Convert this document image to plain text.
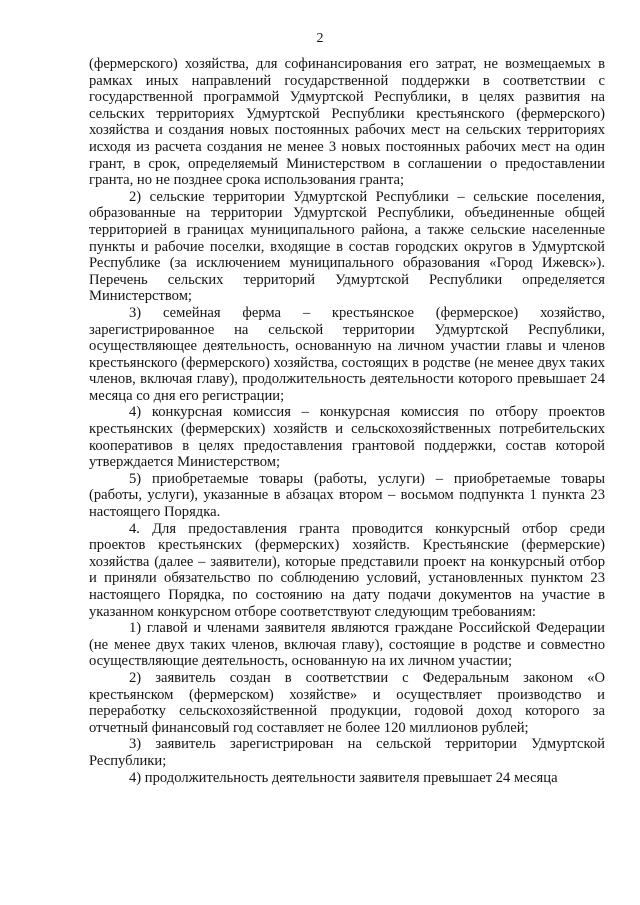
2

(фермерского) хозяйства, для софинансирования его затрат, не возмещаемых в рамках иных направлений государственной поддержки в соответствии с государственной программой Удмуртской Республики, в целях развития на сельских территориях Удмуртской Республики крестьянского (фермерского) хозяйства и создания новых постоянных рабочих мест на сельских территориях исходя из расчета создания не менее 3 новых постоянных рабочих мест на один грант, в срок, определяемый Министерством в соглашении о предоставлении гранта, но не позднее срока использования гранта;

2) сельские территории Удмуртской Республики – сельские поселения, образованные на территории Удмуртской Республики, объединенные общей территорией в границах муниципального района, а также сельские населенные пункты и рабочие поселки, входящие в состав городских округов в Удмуртской Республике (за исключением муниципального образования «Город Ижевск»). Перечень сельских территорий Удмуртской Республики определяется Министерством;

3) семейная ферма – крестьянское (фермерское) хозяйство, зарегистрированное на сельской территории Удмуртской Республики, осуществляющее деятельность, основанную на личном участии главы и членов крестьянского (фермерского) хозяйства, состоящих в родстве (не менее двух таких членов, включая главу), продолжительность деятельности которого превышает 24 месяца со дня его регистрации;

4) конкурсная комиссия – конкурсная комиссия по отбору проектов крестьянских (фермерских) хозяйств и сельскохозяйственных потребительских кооперативов в целях предоставления грантовой поддержки, состав которой утверждается Министерством;

5) приобретаемые товары (работы, услуги) – приобретаемые товары (работы, услуги), указанные в абзацах втором – восьмом подпункта 1 пункта 23 настоящего Порядка.

4. Для предоставления гранта проводится конкурсный отбор среди проектов крестьянских (фермерских) хозяйств. Крестьянские (фермерские) хозяйства (далее – заявители), которые представили проект на конкурсный отбор и приняли обязательство по соблюдению условий, установленных пунктом 23 настоящего Порядка, по состоянию на дату подачи документов на участие в указанном конкурсном отборе соответствуют следующим требованиям:

1) главой и членами заявителя являются граждане Российской Федерации (не менее двух таких членов, включая главу), состоящие в родстве и совместно осуществляющие деятельность, основанную на их личном участии;

2) заявитель создан в соответствии с Федеральным законом «О крестьянском (фермерском) хозяйстве» и осуществляет производство и переработку сельскохозяйственной продукции, годовой доход которого за отчетный финансовый год составляет не более 120 миллионов рублей;

3) заявитель зарегистрирован на сельской территории Удмуртской Республики;

4) продолжительность деятельности заявителя превышает 24 месяца
